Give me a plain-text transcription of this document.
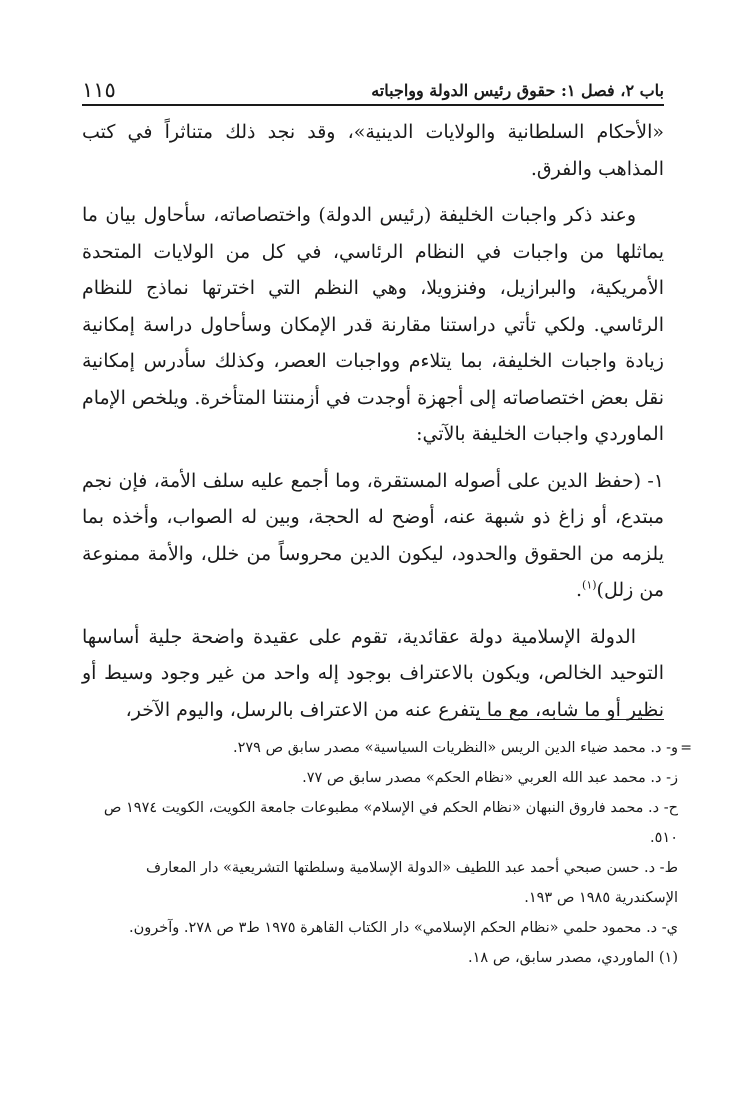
باب ٢، فصل ١: حقوق رئيس الدولة وواجباته
١١٥

«الأحكام السلطانية والولايات الدينية»، وقد نجد ذلك متناثراً في كتب المذاهب والفرق.

وعند ذكر واجبات الخليفة (رئيس الدولة) واختصاصاته، سأحاول بيان ما يماثلها من واجبات في النظام الرئاسي، في كل من الولايات المتحدة الأمريكية، والبرازيل، وفنزويلا، وهي النظم التي اخترتها نماذج للنظام الرئاسي. ولكي تأتي دراستنا مقارنة قدر الإمكان وسأحاول دراسة إمكانية زيادة واجبات الخليفة، بما يتلاءم وواجبات العصر، وكذلك سأدرس إمكانية نقل بعض اختصاصاته إلى أجهزة أوجدت في أزمنتنا المتأخرة. ويلخص الإمام الماوردي واجبات الخليفة بالآتي:

١- (حفظ الدين على أصوله المستقرة، وما أجمع عليه سلف الأمة، فإن نجم مبتدع، أو زاغ ذو شبهة عنه، أوضح له الحجة، وبين له الصواب، وأخذه بما يلزمه من الحقوق والحدود، ليكون الدين محروساً من خلل، والأمة ممنوعة من زلل)$^{(١)}$.

الدولة الإسلامية دولة عقائدية، تقوم على عقيدة واضحة جلية أساسها التوحيد الخالص، ويكون بالاعتراف بوجود إله واحد من غير وجود وسيط أو نظير أو ما شابه، مع ما يتفرع عنه من الاعتراف بالرسل، واليوم الآخر،

=

و- د. محمد ضياء الدين الريس «النظريات السياسية» مصدر سابق ص ٢٧٩.

ز- د. محمد عبد الله العربي «نظام الحكم» مصدر سابق ص ٧٧.

ح- د. محمد فاروق النبهان «نظام الحكم في الإسلام» مطبوعات جامعة الكويت، الكويت ١٩٧٤ ص ٥١٠.

ط- د. حسن صبحي أحمد عبد اللطيف «الدولة الإسلامية وسلطتها التشريعية» دار المعارف الإسكندرية ١٩٨٥ ص ١٩٣.

ي- د. محمود حلمي «نظام الحكم الإسلامي» دار الكتاب القاهرة ١٩٧٥ ط٣ ص ٢٧٨. وآخرون.

(١) الماوردي، مصدر سابق، ص ١٨.
